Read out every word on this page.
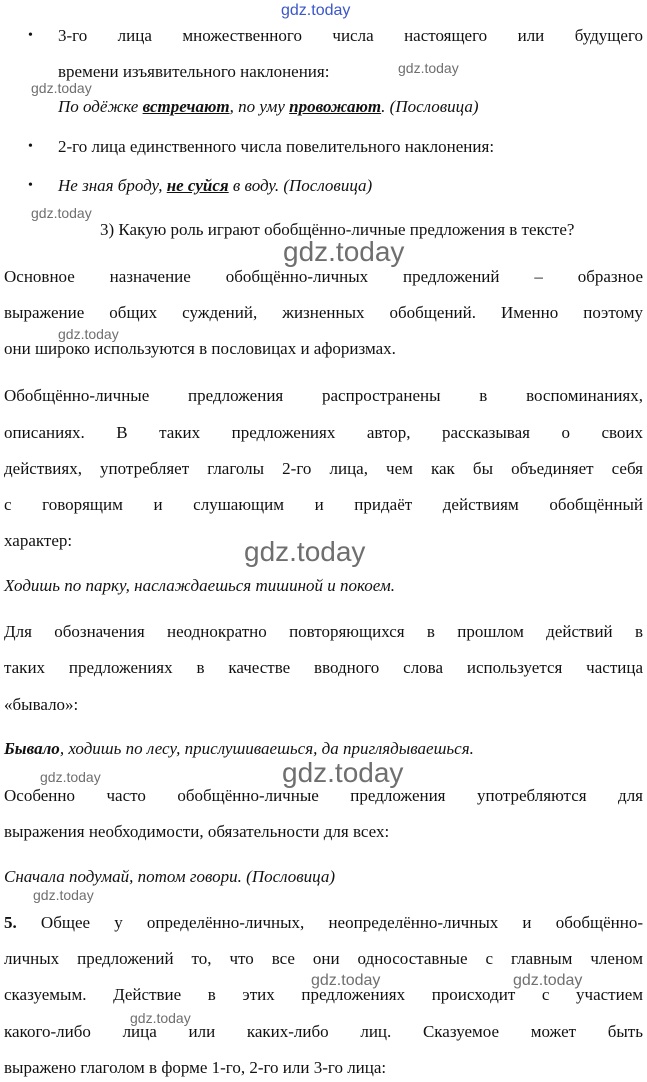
• 3-го лица множественного числа настоящего или будущего
времени изъявительного наклонения:
По одёжке встречают, по уму провожают. (Пословица)
• 2-го лица единственного числа повелительного наклонения:
• Не зная броду, не суйся в воду. (Пословица)
3) Какую роль играют обобщённо-личные предложения в тексте?
Основное назначение обобщённо-личных предложений – образное
выражение общих суждений, жизненных обобщений. Именно поэтому
они широко используются в пословицах и афоризмах.
Обобщённо-личные предложения распространены в воспоминаниях,
описаниях. В таких предложениях автор, рассказывая о своих
действиях, употребляет глаголы 2-го лица, чем как бы объединяет себя
с говорящим и слушающим и придаёт действиям обобщённый
характер:
Ходишь по парку, наслаждаешься тишиной и покоем.
Для обозначения неоднократно повторяющихся в прошлом действий в
таких предложениях в качестве вводного слова используется частица
«бывало»:
Бывало, ходишь по лесу, прислушиваешься, да приглядываешься.
Особенно часто обобщённо-личные предложения употребляются для
выражения необходимости, обязательности для всех:
Сначала подумай, потом говори. (Пословица)
5. Общее у определённо-личных, неопределённо-личных и обобщённо-
личных предложений то, что все они односоставные с главным членом
сказуемым. Действие в этих предложениях происходит с участием
какого-либо лица или каких-либо лиц. Сказуемое может быть
выражено глаголом в форме 1-го, 2-го или 3-го лица:
gdz.today
gdz.today
gdz.today
gdz.today
gdz.today
gdz.today
gdz.today
gdz.today	gdz.today
gdz.today
gdz.today	gdz.today
gdz.today
